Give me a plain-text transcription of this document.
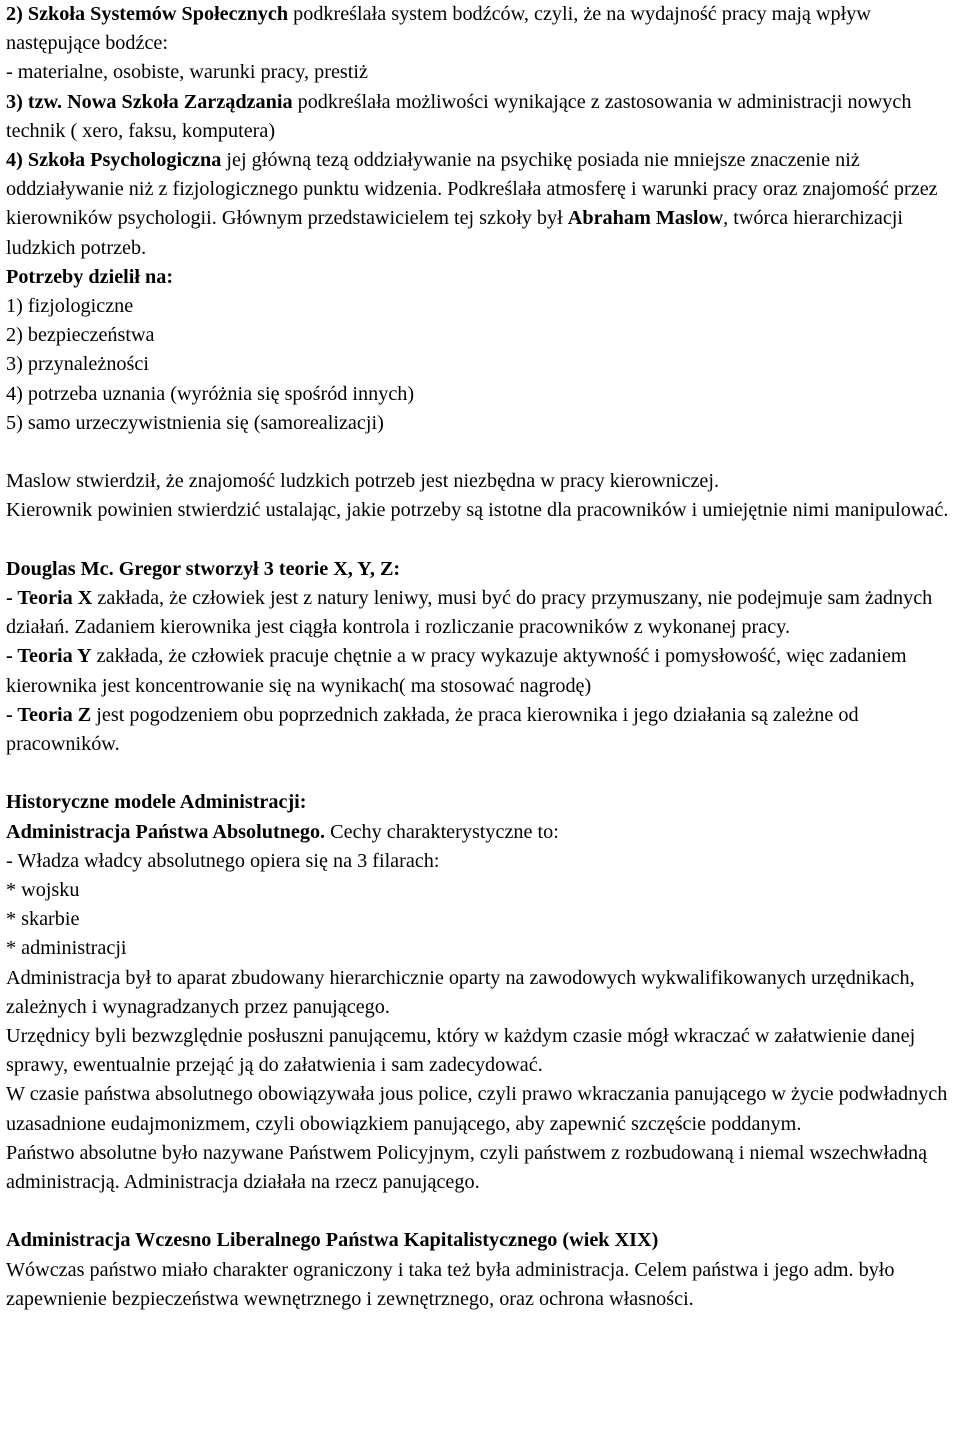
2) Szkoła Systemów Społecznych podkreślała system bodźców, czyli, że na wydajność pracy mają wpływ następujące bodźce:

- materialne, osobiste, warunki pracy, prestiż

3) tzw. Nowa Szkoła Zarządzania podkreślała możliwości wynikające z zastosowania w administracji nowych technik ( xero, faksu, komputera)

4) Szkoła Psychologiczna jej główną tezą oddziaływanie na psychikę posiada nie mniejsze znaczenie niż oddziaływanie niż z fizjologicznego punktu widzenia. Podkreślała atmosferę i warunki pracy oraz znajomość przez kierowników psychologii. Głównym przedstawicielem tej szkoły był Abraham Maslow, twórca hierarchizacji ludzkich potrzeb.

Potrzeby dzielił na:

1) fizjologiczne

2) bezpieczeństwa

3) przynależności

4) potrzeba uznania (wyróżnia się spośród innych)

5) samo urzeczywistnienia się (samorealizacji)

Maslow stwierdził, że znajomość ludzkich potrzeb jest niezbędna w pracy kierowniczej.

Kierownik powinien stwierdzić ustalając, jakie potrzeby są istotne dla pracowników i umiejętnie nimi manipulować.

Douglas Mc. Gregor stworzył 3 teorie X, Y, Z:

- Teoria X zakłada, że człowiek jest z natury leniwy, musi być do pracy przymuszany, nie podejmuje sam żadnych działań. Zadaniem kierownika jest ciągła kontrola i rozliczanie pracowników z wykonanej pracy.

- Teoria Y zakłada, że człowiek pracuje chętnie a w pracy wykazuje aktywność i pomysłowość, więc zadaniem kierownika jest koncentrowanie się na wynikach( ma stosować nagrodę)

- Teoria Z jest pogodzeniem obu poprzednich zakłada, że praca kierownika i jego działania są zależne od pracowników.

Historyczne modele Administracji:

Administracja Państwa Absolutnego. Cechy charakterystyczne to:

- Władza władcy absolutnego opiera się na 3 filarach:

* wojsku

* skarbie

* administracji

Administracja był to aparat zbudowany hierarchicznie oparty na zawodowych wykwalifikowanych urzędnikach, zależnych i wynagradzanych przez panującego.

Urzędnicy byli bezwzględnie posłuszni panującemu, który w każdym czasie mógł wkraczać w załatwienie danej sprawy, ewentualnie przejąć ją do załatwienia i sam zadecydować.

W czasie państwa absolutnego obowiązywała jous police, czyli prawo wkraczania panującego w życie podwładnych uzasadnione eudajmonizmem, czyli obowiązkiem panującego, aby zapewnić szczęście poddanym.

Państwo absolutne było nazywane Państwem Policyjnym, czyli państwem z rozbudowaną i niemal wszechwładną administracją. Administracja działała na rzecz panującego.

Administracja Wczesno Liberalnego Państwa Kapitalistycznego (wiek XIX)

Wówczas państwo miało charakter ograniczony i taka też była administracja. Celem państwa i jego adm. było zapewnienie bezpieczeństwa wewnętrznego i zewnętrznego, oraz ochrona własności.
